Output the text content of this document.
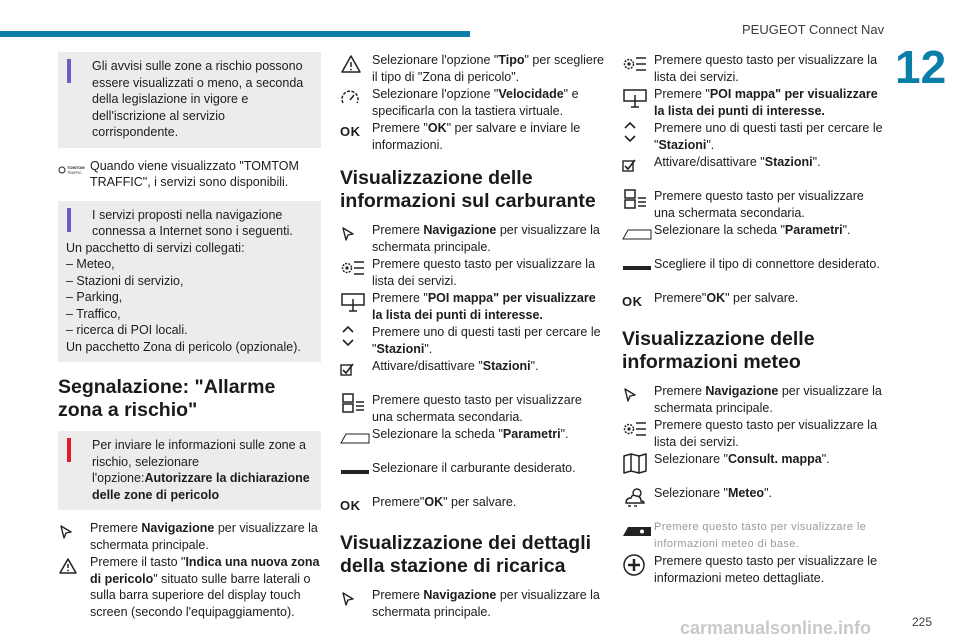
PEUGEOT Connect Nav
12
Gli avvisi sulle zone a rischio possono essere visualizzati o meno, a seconda della legislazione in vigore e dell'iscrizione al servizio corrispondente.
TOMTOM
TRAFFIC Quando viene visualizzato "TOMTOM TRAFFIC", i servizi sono disponibili.
I servizi proposti nella navigazione connessa a Internet sono i seguenti.
Un pacchetto di servizi collegati:
– Meteo,
– Stazioni di servizio,
– Parking,
– Traffico,
– ricerca di POI locali.
Un pacchetto Zona di pericolo (opzionale).
Segnalazione: "Allarme zona a rischio"
Per inviare le informazioni sulle zone a rischio, selezionare l'opzione:Autorizzare la dichiarazione delle zone di pericolo
Premere Navigazione per visualizzare la schermata principale.
Premere il tasto "Indica una nuova zona di pericolo" situato sulle barre laterali o sulla barra superiore del display touch screen (secondo l'equipaggiamento).
Selezionare l'opzione "Tipo" per scegliere il tipo di "Zona di pericolo".
Selezionare l'opzione "Velocidade" e specificarla con la tastiera virtuale.
OK Premere "OK" per salvare e inviare le informazioni.
Visualizzazione delle informazioni sul carburante
Premere Navigazione per visualizzare la schermata principale.
Premere questo tasto per visualizzare la lista dei servizi.
Premere "POI mappa" per visualizzare la lista dei punti di interesse.
Premere uno di questi tasti per cercare le "Stazioni".
Attivare/disattivare "Stazioni".
Premere questo tasto per visualizzare una schermata secondaria.
Selezionare la scheda "Parametri".
Selezionare il carburante desiderato.
OK Premere"OK" per salvare.
Visualizzazione dei dettagli della stazione di ricarica
Premere Navigazione per visualizzare la schermata principale.
Premere questo tasto per visualizzare la lista dei servizi.
Premere "POI mappa" per visualizzare la lista dei punti di interesse.
Premere uno di questi tasti per cercare le "Stazioni".
Attivare/disattivare "Stazioni".
Premere questo tasto per visualizzare una schermata secondaria.
Selezionare la scheda "Parametri".
Scegliere il tipo di connettore desiderato.
OK Premere"OK" per salvare.
Visualizzazione delle informazioni meteo
Premere Navigazione per visualizzare la schermata principale.
Premere questo tasto per visualizzare la lista dei servizi.
Selezionare "Consult. mappa".
Selezionare "Meteo".
Premere questo tasto per visualizzare le informazioni meteo di base.
Premere questo tasto per visualizzare le informazioni meteo dettagliate.
carmanualsonline.info	225
